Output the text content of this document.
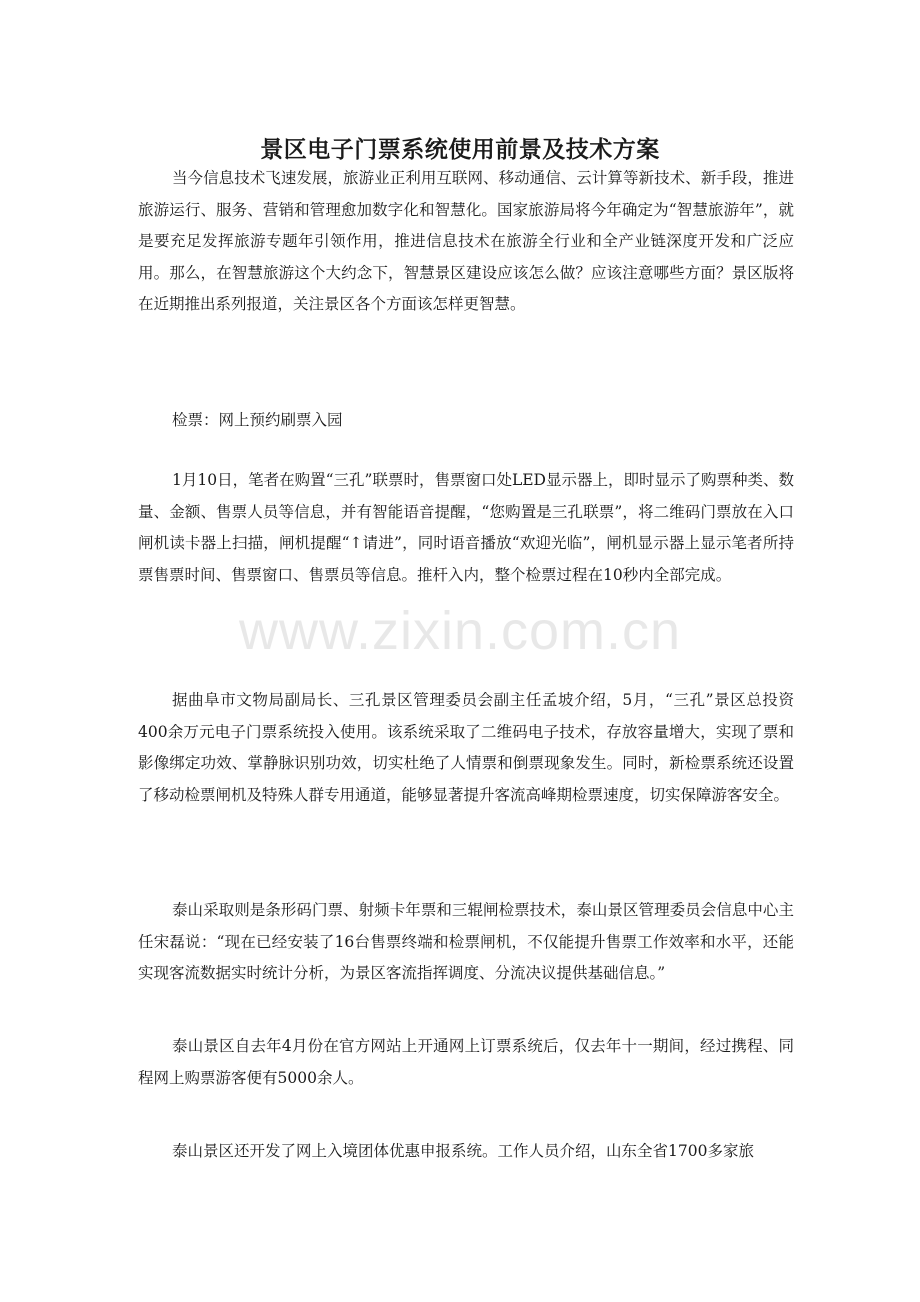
景区电子门票系统使用前景及技术方案

当今信息技术飞速发展，旅游业正利用互联网、移动通信、云计算等新技术、新手段，推进旅游运行、服务、营销和管理愈加数字化和智慧化。国家旅游局将今年确定为“智慧旅游年”，就是要充足发挥旅游专题年引领作用，推进信息技术在旅游全行业和全产业链深度开发和广泛应用。那么，在智慧旅游这个大约念下，智慧景区建设应该怎么做？应该注意哪些方面？景区版将在近期推出系列报道，关注景区各个方面该怎样更智慧。

检票：网上预约刷票入园

1月10日，笔者在购置“三孔”联票时，售票窗口处LED显示器上，即时显示了购票种类、数量、金额、售票人员等信息，并有智能语音提醒，“您购置是三孔联票”，将二维码门票放在入口闸机读卡器上扫描，闸机提醒“↑请进”，同时语音播放“欢迎光临”，闸机显示器上显示笔者所持票售票时间、售票窗口、售票员等信息。推杆入内，整个检票过程在10秒内全部完成。

据曲阜市文物局副局长、三孔景区管理委员会副主任孟坡介绍，5月，“三孔”景区总投资400余万元电子门票系统投入使用。该系统采取了二维码电子技术，存放容量增大，实现了票和影像绑定功效、掌静脉识别功效，切实杜绝了人情票和倒票现象发生。同时，新检票系统还设置了移动检票闸机及特殊人群专用通道，能够显著提升客流高峰期检票速度，切实保障游客安全。

泰山采取则是条形码门票、射频卡年票和三辊闸检票技术，泰山景区管理委员会信息中心主任宋磊说：“现在已经安装了16台售票终端和检票闸机，不仅能提升售票工作效率和水平，还能实现客流数据实时统计分析，为景区客流指挥调度、分流决议提供基础信息。”

泰山景区自去年4月份在官方网站上开通网上订票系统后，仅去年十一期间，经过携程、同程网上购票游客便有5000余人。

泰山景区还开发了网上入境团体优惠申报系统。工作人员介绍，山东全省1700多家旅

www.zixin.com.cn
